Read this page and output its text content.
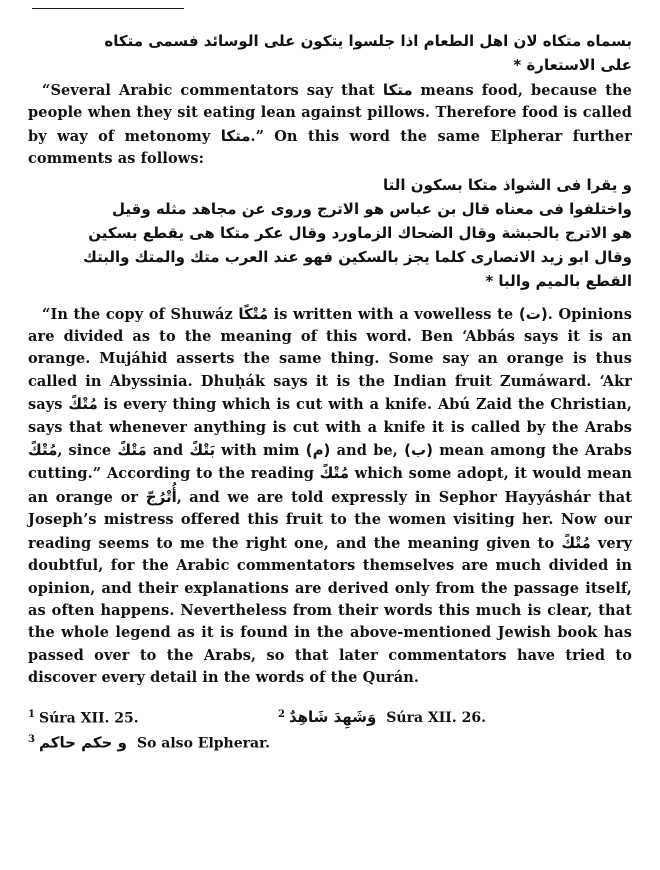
بسماه متكاه لان اهل الطعام اذا جلسوا يتكون على الوسائد فسمى متكاه
على الاستعارة *

“Several Arabic commentators say that متكا means food, because the people when they sit eating lean against pillows. Therefore food is called by way of metonomy متكا.” On this word the same Elpherar further comments as follows:

و يقرا فى الشواذ متكا بسكون التا
واختلفوا فى معناه قال بن عباس هو الاترج وروى عن مجاهد مثله وقيل
هو الاترج بالحبشة وقال الضحاك الزماورد وقال عكر متكا هى يقطع بسكين
وقال ابو زيد الانصارى كلما يجز بالسكين فهو عند العرب متك والمتك والبتك
القطع بالميم والبا *

“In the copy of Shuwáz مُتْكًا is written with a vowelless te (ت). Opinions are divided as to the meaning of this word. Ben ‘Abbás says it is an orange. Mujáhid asserts the same thing. Some say an orange is thus called in Abyssinia. Dhuḥák says it is the Indian fruit Zumáward. ‘Akr says مُتْكً is every thing which is cut with a knife. Abú Zaid the Christian, says that whenever anything is cut with a knife it is called by the Arabs مُتْكً, since مَتْكً and بَتْكً with mim (م) and be, (ب) mean among the Arabs cutting.” According to the reading مُتْكً which some adopt, it would mean an orange or أُتْرُجّ, and we are told expressly in Sephor Hayyáshár that Joseph’s mistress offered this fruit to the women visiting her. Now our reading seems to me the right one, and the meaning given to مُتْكً very doubtful, for the Arabic commentators themselves are much divided in opinion, and their explanations are derived only from the passage itself, as often happens. Nevertheless from their words this much is clear, that the whole legend as it is found in the above-mentioned Jewish book has passed over to the Arabs, so that later commentators have tried to discover every detail in the words of the Qurán.

$^1$ Súra XII. 25.	$^2$ وَشَهِدَ شَاهِدٌ Súra XII. 26.
$^3$ و حكم حاكم So also Elpherar.
